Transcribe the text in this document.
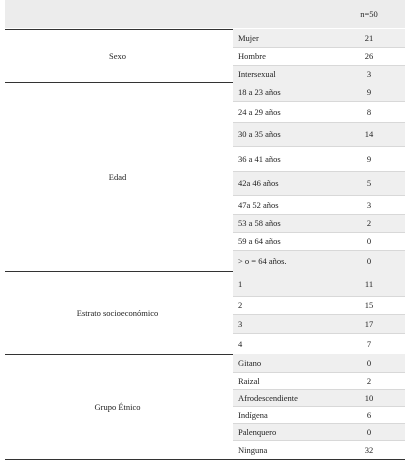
n=50
Sexo
Mujer	21
Hombre	26
Intersexual	3
Edad
18 a 23 años	9
24 a 29 años	8
30 a 35 años	14
36 a 41 años	9
42a 46 años	5
47a 52 años	3
53 a 58 años	2
59 a 64 años	0
> o = 64 años.	0
Estrato socioeconómico
1	11
2	15
3	17
4	7
Grupo Étnico
Gitano	0
Raizal	2
Afrodescendiente	10
Indígena	6
Palenquero	0
Ninguna	32
